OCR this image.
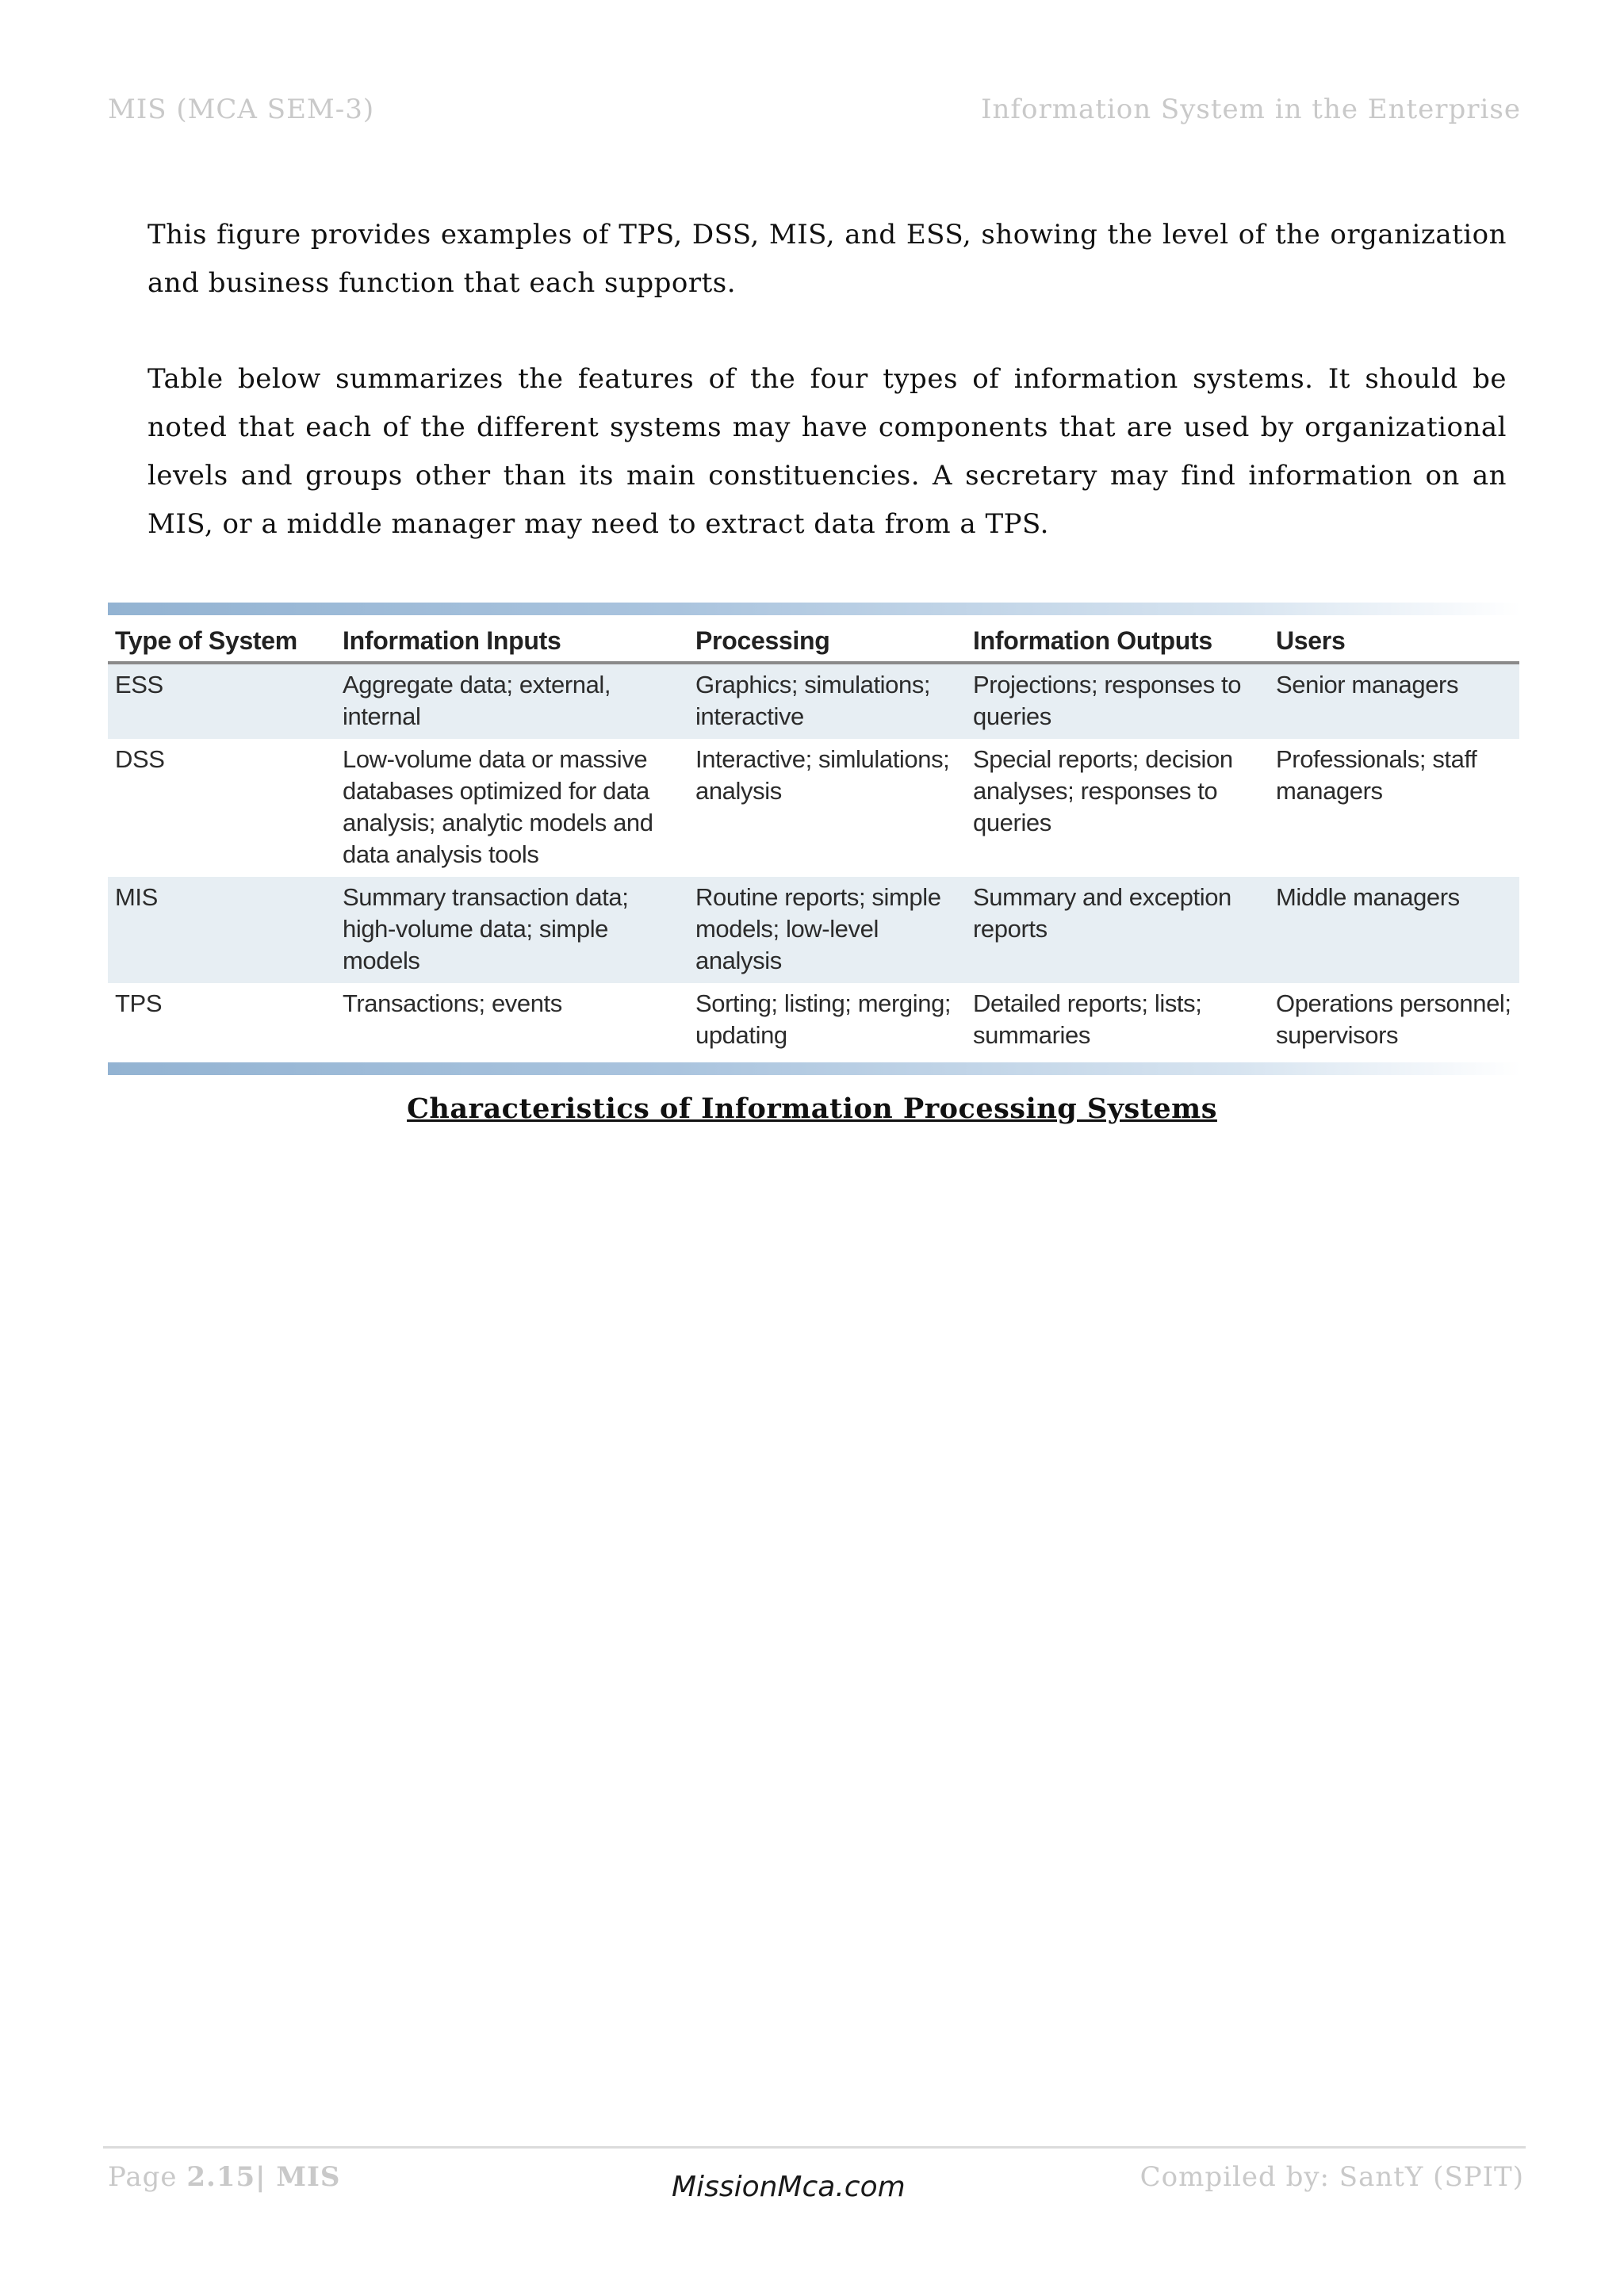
MIS (MCA SEM-3)	Information System in the Enterprise

This figure provides examples of TPS, DSS, MIS, and ESS, showing the level of the organization and business function that each supports.

Table below summarizes the features of the four types of information systems. It should be noted that each of the different systems may have components that are used by organizational levels and groups other than its main constituencies. A secretary may find information on an MIS, or a middle manager may need to extract data from a TPS.

Type of System	Information Inputs	Processing	Information Outputs	Users
ESS	Aggregate data; external, internal	Graphics; simulations; interactive	Projections; responses to queries	Senior managers
DSS	Low-volume data or massive databases optimized for data analysis; analytic models and data analysis tools	Interactive; simlulations; analysis	Special reports; decision analyses; responses to queries	Professionals; staff managers
MIS	Summary transaction data; high-volume data; simple models	Routine reports; simple models; low-level analysis	Summary and exception reports	Middle managers
TPS	Transactions; events	Sorting; listing; merging; updating	Detailed reports; lists; summaries	Operations personnel; supervisors
Characteristics of Information Processing Systems
Page 2.15| MIS	MissionMca.com	Compiled by: SantY (SPIT)
